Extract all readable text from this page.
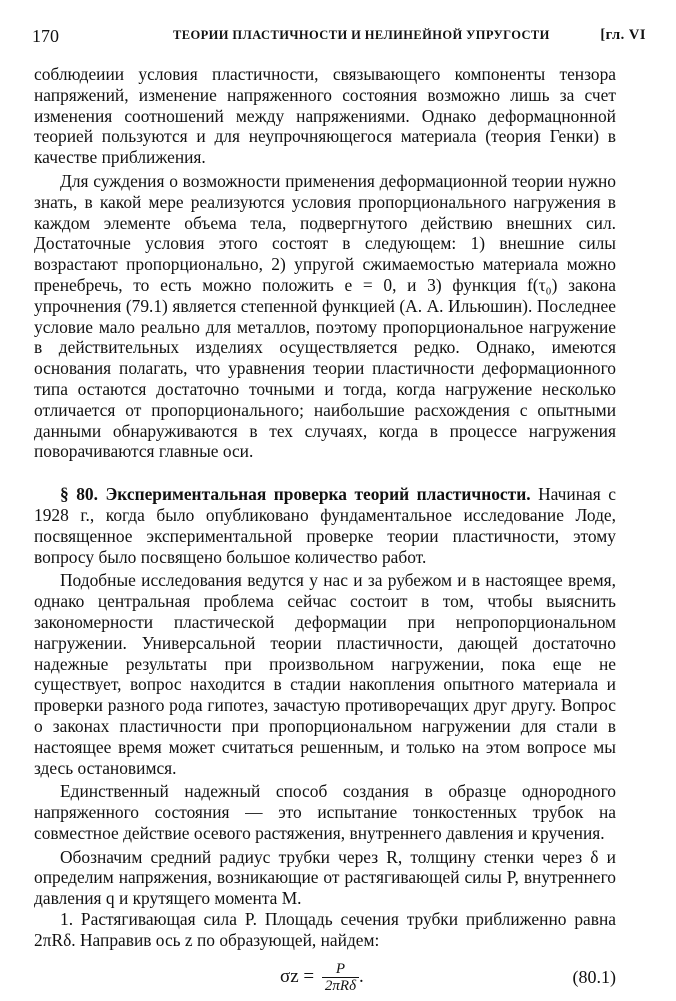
170	ТЕОРИИ ПЛАСТИЧНОСТИ И НЕЛИНЕЙНОЙ УПРУГОСТИ	[гл. VI

соблюдеиии условия пластичности, связывающего компоненты тензора напряжений, изменение напряженного состояния возможно лишь за счет изменения соотношений между напряжениями. Однако деформацнонной теорией пользуются и для неупрочняющегося материала (теория Генки) в качестве приближения.

Для суждения о возможности применения деформационной теории нужно знать, в какой мере реализуются условия пропорционального нагружения в каждом элементе объема тела, подвергнутого действию внешних сил. Достаточные условия этого состоят в следующем: 1) внешние силы возрастают пропорционально, 2) упругой сжимаемостью материала можно пренебречь, то есть можно положить e = 0, и 3) функция f(τ₀) закона упрочнения (79.1) является степенной функцией (А. А. Ильюшин). Последнее условие мало реально для металлов, поэтому пропорциональное нагружение в действительных изделиях осуществляется редко. Однако, имеются основания полагать, что уравнения теории пластичности деформационного типа остаются достаточно точными и тогда, когда нагружение несколько отличается от пропорционального; наибольшие расхождения с опытными данными обнаруживаются в тех случаях, когда в процессе нагружения поворачиваются главные оси.

§ 80. Экспериментальная проверка теорий пластичности. Начиная с 1928 г., когда было опубликовано фундаментальное исследование Лоде, посвященное экспериментальной проверке теории пластичности, этому вопросу было посвящено большое количество работ.

Подобные исследования ведутся у нас и за рубежом и в настоящее время, однако центральная проблема сейчас состоит в том, чтобы выяснить закономерности пластической деформации при непропорциональном нагружении. Универсальной теории пластичности, дающей достаточно надежные результаты при произвольном нагружении, пока еще не существует, вопрос находится в стадии накопления опытного материала и проверки разного рода гипотез, зачастую противоречащих друг другу. Вопрос о законах пластичности при пропорциональном нагружении для стали в настоящее время может считаться решенным, и только на этом вопросе мы здесь остановимся.

Единственный надежный способ создания в образце однородного напряженного состояния — это испытание тонкостенных трубок на совместное действие осевого растяжения, внутреннего давления и кручения.

Обозначим средний радиус трубки через R, толщину стенки через δ и определим напряжения, возникающие от растягивающей силы P, внутреннего давления q и крутящего момента M.

1. Растягивающая сила P. Площадь сечения трубки приближенно равна 2πRδ. Направив ось z по образующей, найдем:

$\sigma z = \frac{P}{\text{2πRδ}}$ .	(80.1)
